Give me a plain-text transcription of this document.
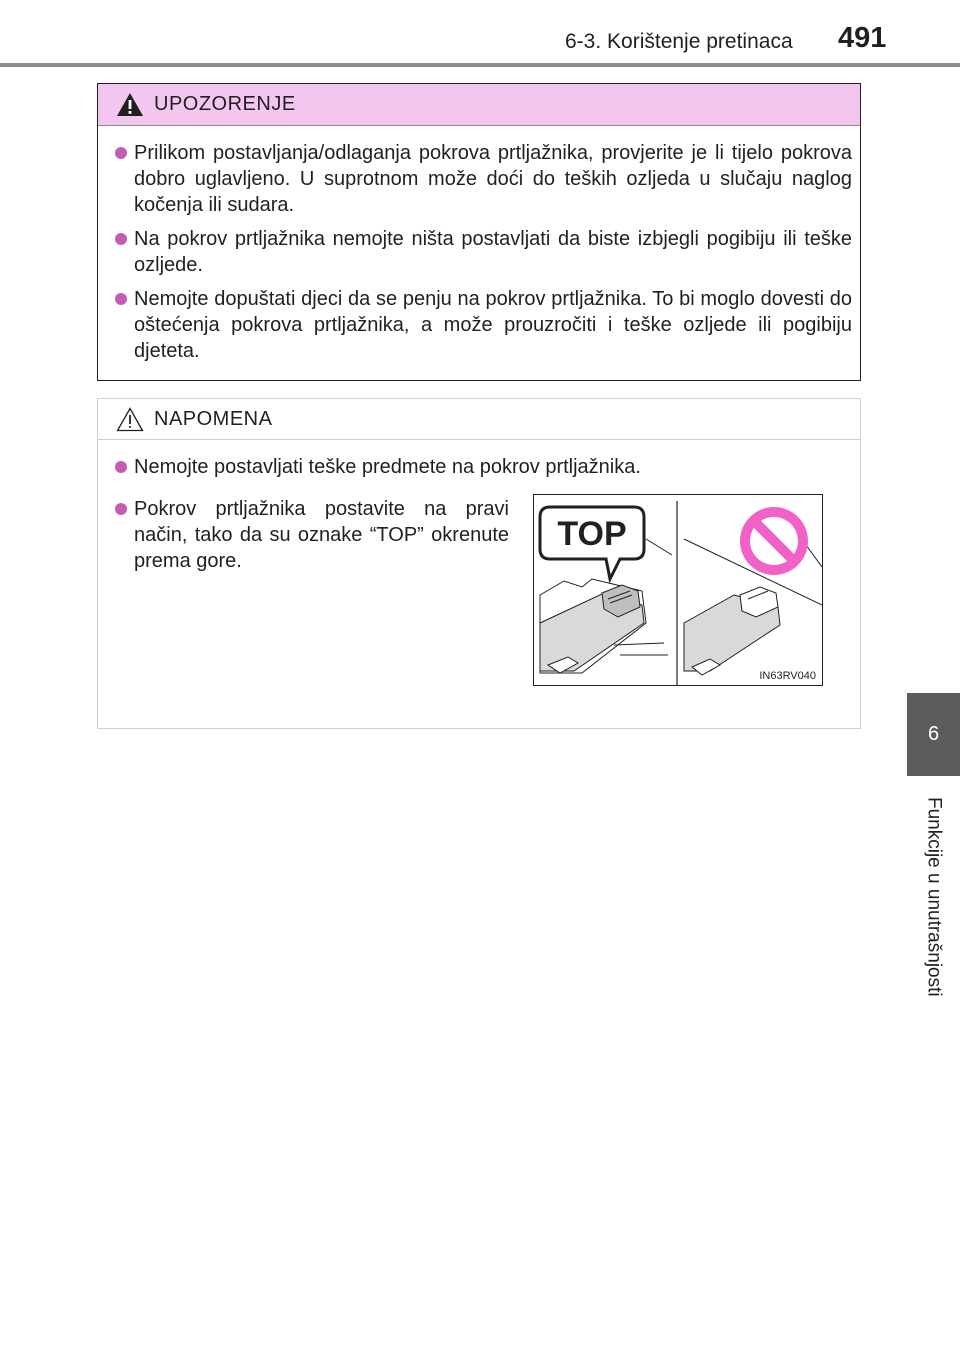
6-3. Korištenje pretinaca 491
6
Funkcije u unutrašnjosti
UPOZORENJE
Prilikom postavljanja/odlaganja pokrova prtljažnika, provjerite je li tijelo pokrova dobro uglavljeno. U suprotnom može doći do teških ozljeda u slučaju naglog kočenja ili sudara.
Na pokrov prtljažnika nemojte ništa postavljati da biste izbjegli pogibiju ili teške ozljede.
Nemojte dopuštati djeci da se penju na pokrov prtljažnika. To bi moglo dovesti do oštećenja pokrova prtljažnika, a može prouzročiti i teške ozljede ili pogibiju djeteta.
NAPOMENA
Nemojte postavljati teške predmete na pokrov prtljažnika.
Pokrov prtljažnika postavite na pravi način, tako da su oznake “TOP” okrenute prema gore.
TOP
IN63RV040
